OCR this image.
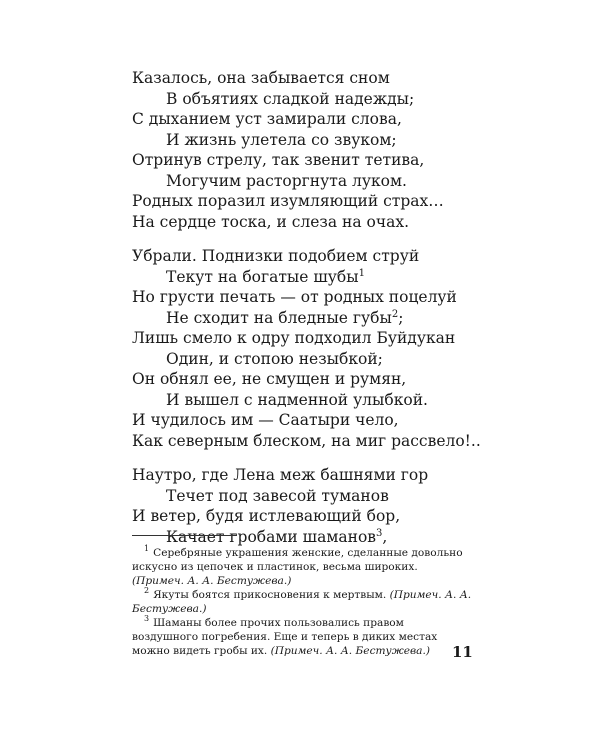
Казалось, она забывается сном
В объятиях сладкой надежды;
С дыханием уст замирали слова,
И жизнь улетела со звуком;
Отринув стрелу, так звенит тетива,
Могучим расторгнута луком.
Родных поразил изумляющий страх…
На сердце тоска, и слеза на очах.
Убрали. Поднизки подобием струй
Текут на богатые шубы$^1$
Но грусти печать — от родных поцелуй
Не сходит на бледные губы$^2$;
Лишь смело к одру подходил Буйдукан
Один, и стопою незыбкой;
Он обнял ее, не смущен и румян,
И вышел с надменной улыбкой.
И чудилось им — Саатыри чело,
Как северным блеском, на миг рассвело!..
Наутро, где Лена меж башнями гор
Течет под завесой туманов
И ветер, будя истлевающий бор,
Качает гробами шаманов$^3$,

$^1$ Серебряные украшения женские, сделанные довольно искусно из цепочек и пластинок, весьма широких. (Примеч. А. А. Бестужева.)

$^2$ Якуты боятся прикосновения к мертвым. (Примеч. А. А. Бестужева.)

$^3$ Шаманы более прочих пользовались правом воздушного погребения. Еще и теперь в диких местах можно видеть гробы их. (Примеч. А. А. Бестужева.)	11
